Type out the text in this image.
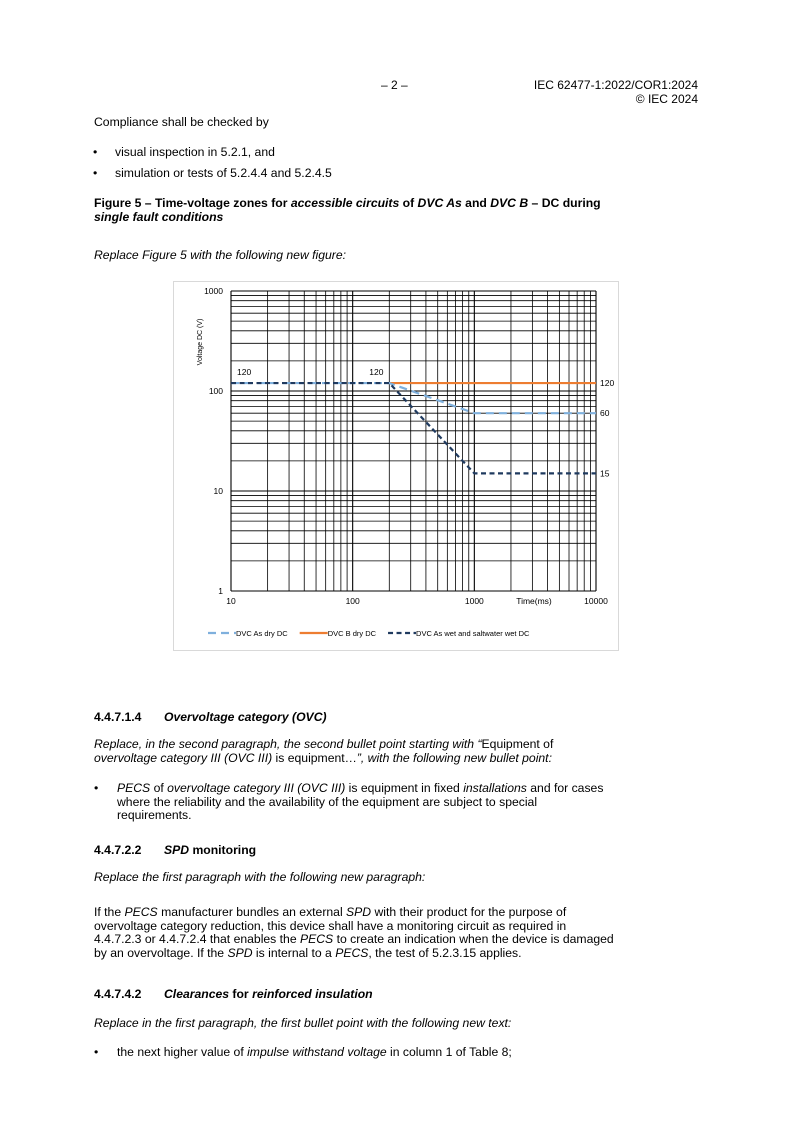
– 2 –	IEC 62477-1:2022/COR1:2024
© IEC 2024
Compliance shall be checked by
• visual inspection in 5.2.1, and
• simulation or tests of 5.2.4.4 and 5.2.4.5
Figure 5 – Time-voltage zones for accessible circuits of DVC As and DVC B – DC during
single fault conditions
Replace Figure 5 with the following new figure:
1
10
100
1000
10	100	1000	10000
120	120
120
60
15
Voltage DC (V)
Time(ms)
DVC As dry DC	DVC B dry DC	DVC As wet and saltwater wet DC
4.4.7.1.4 Overvoltage category (OVC)
Replace, in the second paragraph, the second bullet point starting with “Equipment of
overvoltage category III (OVC III) is equipment…”, with the following new bullet point:
• PECS of overvoltage category III (OVC III) is equipment in fixed installations and for cases
where the reliability and the availability of the equipment are subject to special
requirements.
4.4.7.2.2 SPD monitoring
Replace the first paragraph with the following new paragraph:
If the PECS manufacturer bundles an external SPD with their product for the purpose of
overvoltage category reduction, this device shall have a monitoring circuit as required in
4.4.7.2.3 or 4.4.7.2.4 that enables the PECS to create an indication when the device is damaged
by an overvoltage. If the SPD is internal to a PECS, the test of 5.2.3.15 applies.
4.4.7.4.2 Clearances for reinforced insulation
Replace in the first paragraph, the first bullet point with the following new text:
• the next higher value of impulse withstand voltage in column 1 of Table 8;
